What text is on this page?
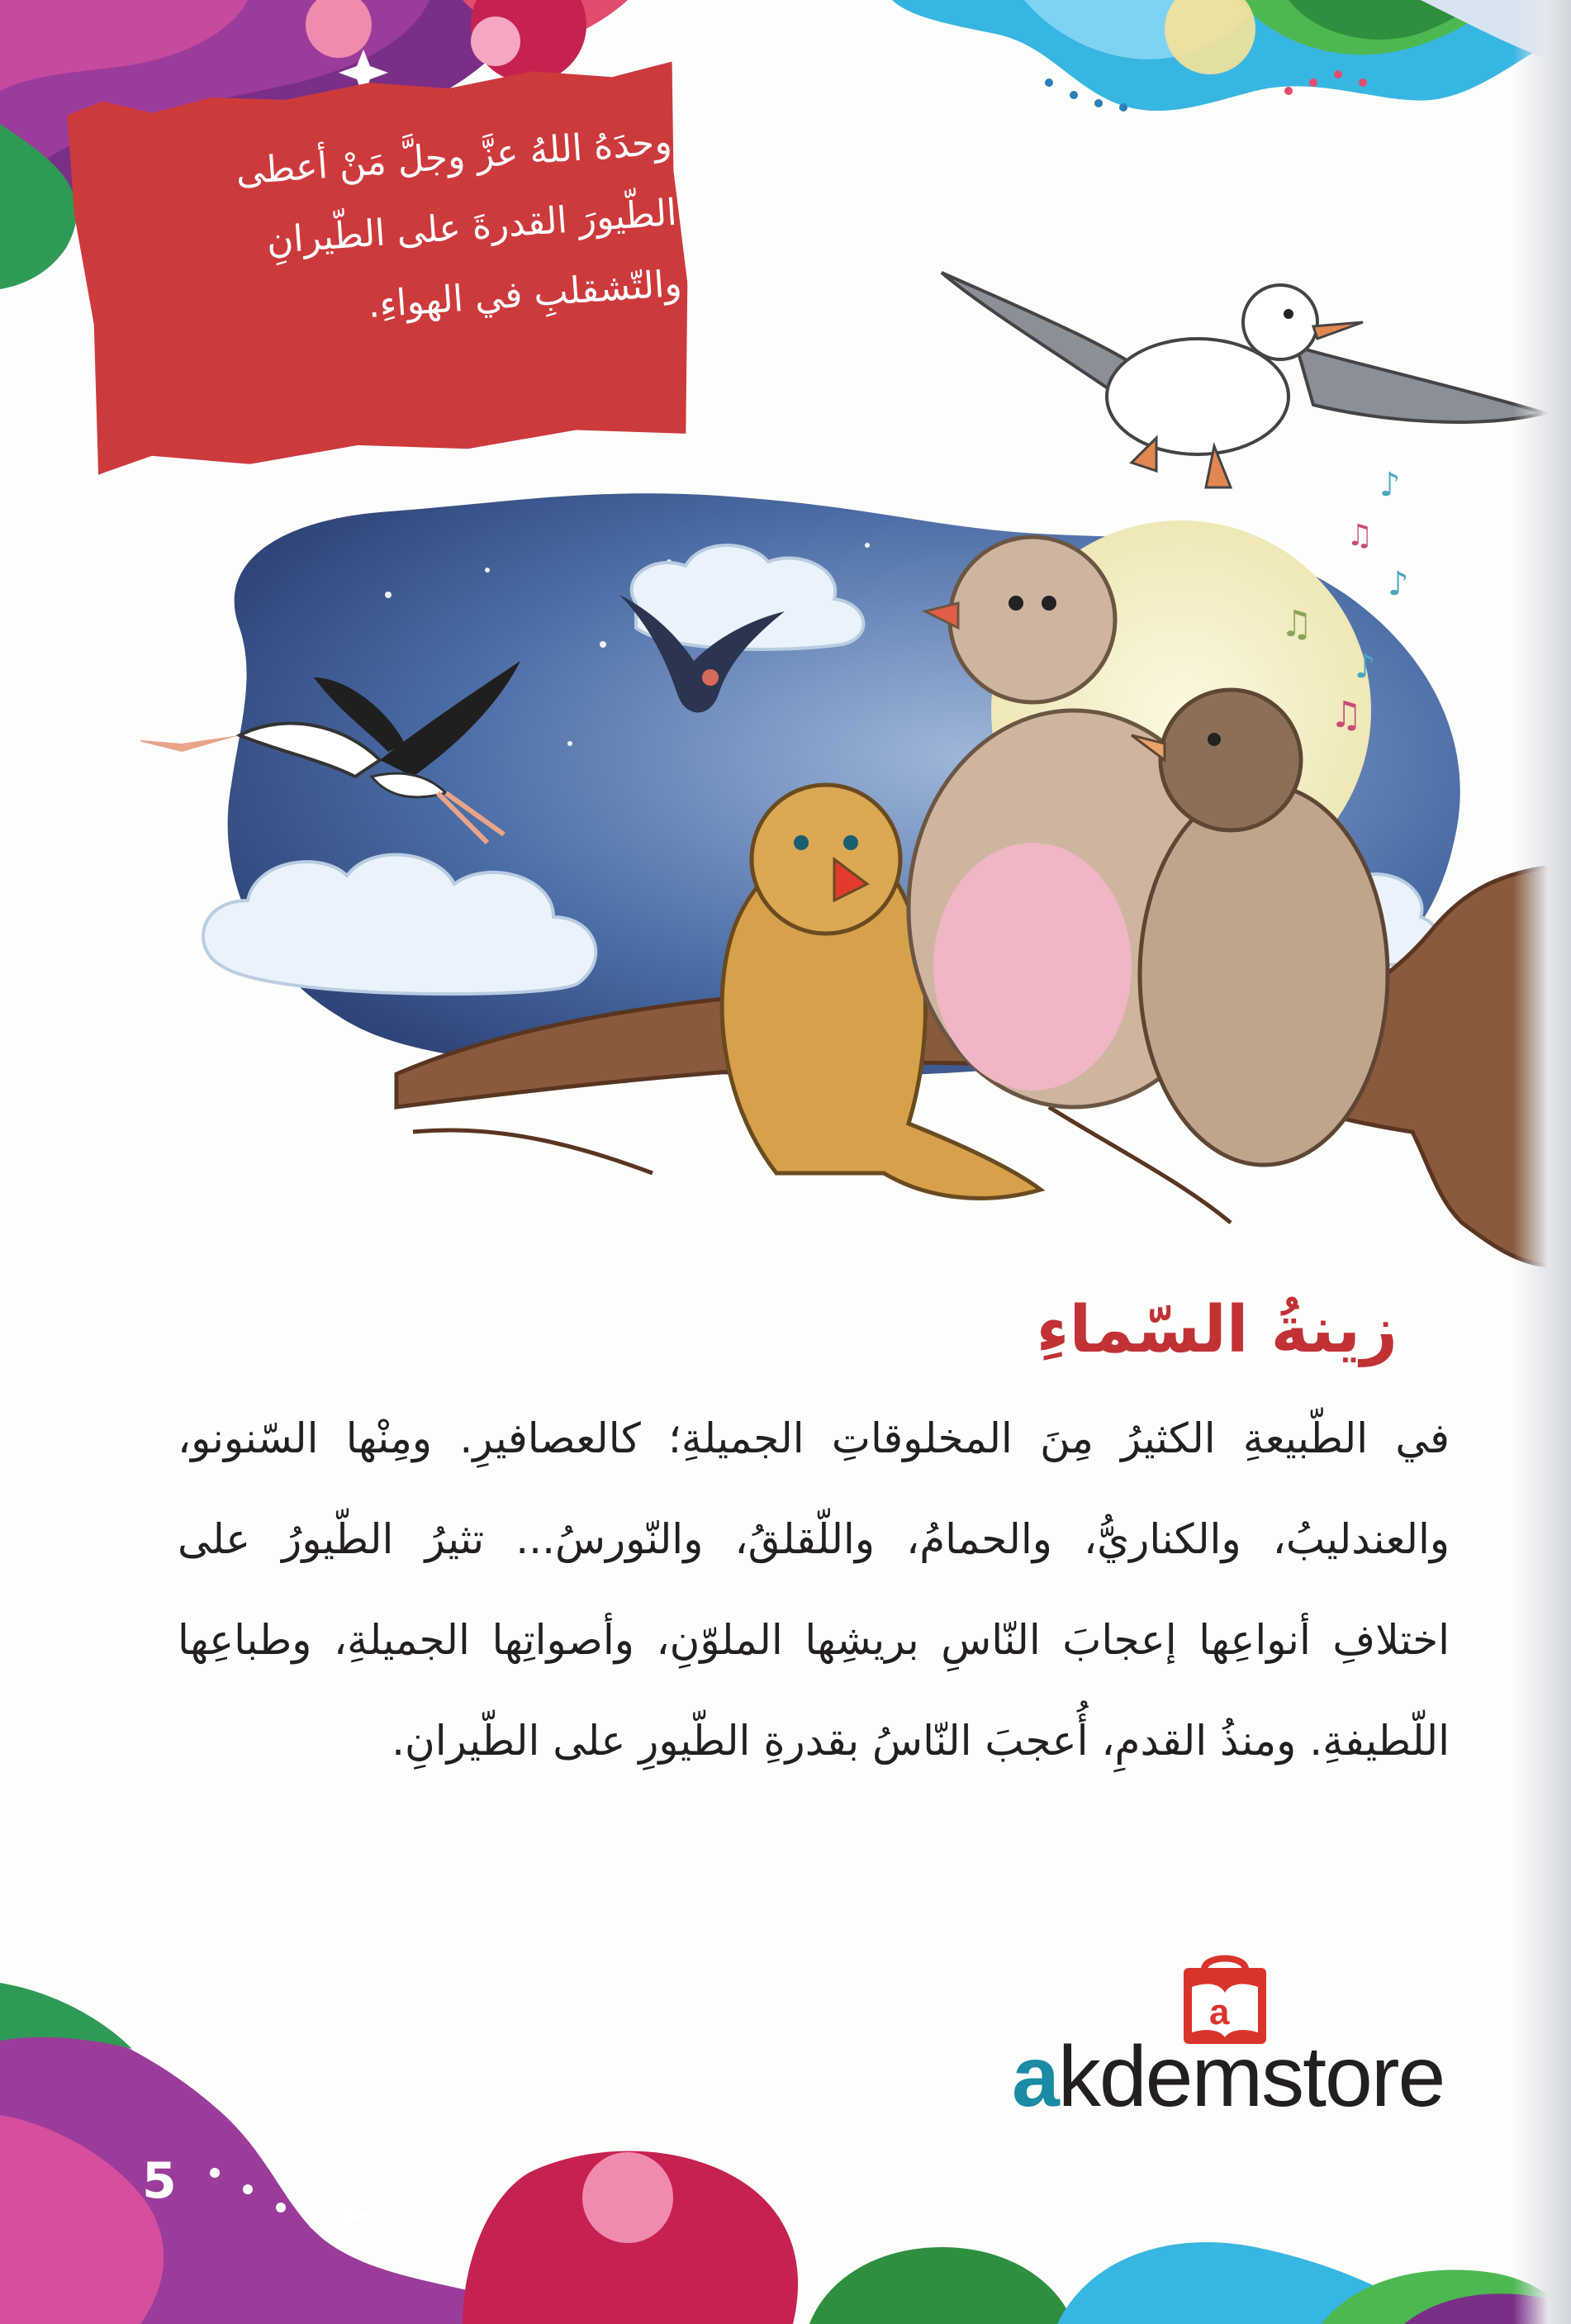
وحدَهُ اللهُ عزَّ وجلَّ مَنْ أعطى الطّيورَ القدرةَ على الطّيرانِ والتّشقلبِ في الهواءِ.
♪
♫
♪
♫
♪
♫
زينةُ السّماءِ
في الطّبيعةِ الكثيرُ مِنَ المخلوقاتِ الجميلةِ؛ كالعصافيرِ. ومِنْها السّنونو، والعندليبُ، والكناريُّ، والحمامُ، واللّقلقُ، والنّورسُ... تثيرُ الطّيورُ على اختلافِ أنواعِها إعجابَ النّاسِ بريشِها الملوّنِ، وأصواتِها الجميلةِ، وطباعِها اللّطيفةِ. ومنذُ القدمِ، أُعجبَ النّاسُ بقدرةِ الطّيورِ على الطّيرانِ.
5
a
akdemstore
